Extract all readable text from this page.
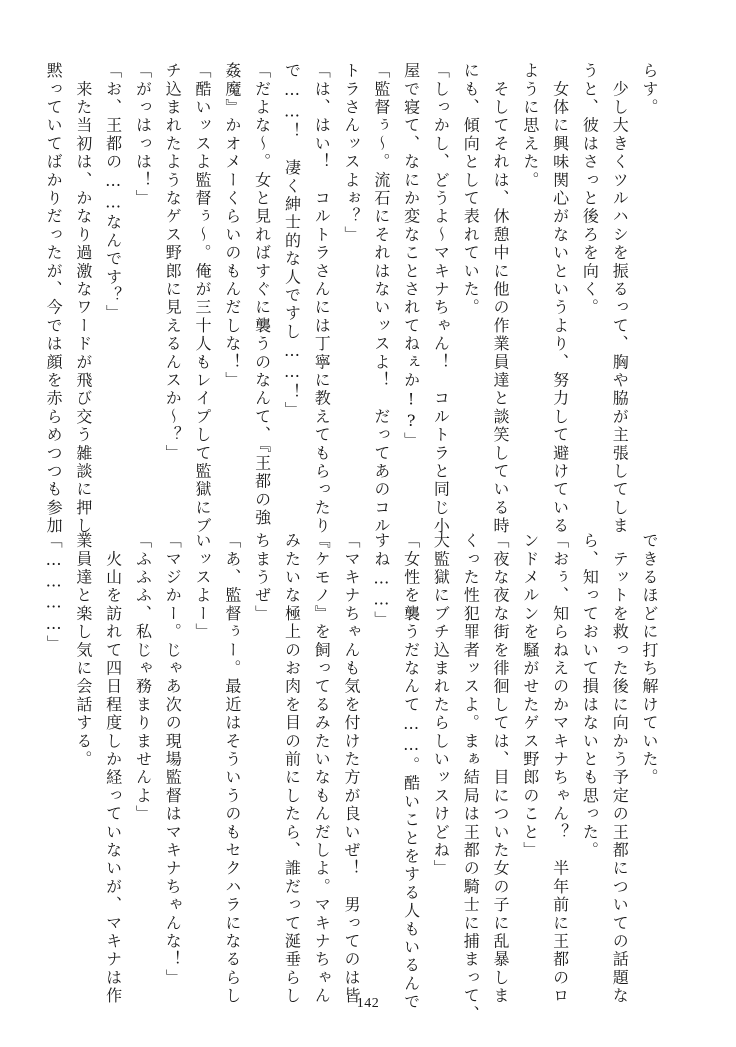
らす。
　少し大きくツルハシを振るって、胸や脇が主張してしま
うと、彼はさっと後ろを向く。
　女体に興味関心がないというより、努力して避けている
ように思えた。
　そしてそれは、休憩中に他の作業員達と談笑している時
にも、傾向として表れていた。
「しっかし、どうよ～マキナちゃん！　コルトラと同じ小
屋で寝て、なにか変なことされてねぇか!?」
「監督ぅ～。流石にそれはないッスよ！　だってあのコル
トラさんッスよぉ？」
「は、はい！　コルトラさんには丁寧に教えてもらったり
で……！　凄く紳士的な人ですし……！」
「だよな～。女と見ればすぐに襲うのなんて、『王都の強
姦魔』かオメーくらいのもんだしな！」
「酷いッスよ監督ぅ～。俺が三十人もレイプして監獄にブ
チ込まれたようなゲス野郎に見えるんスか～？」
「がっはっは！」
「お、王都の……なんです？」
　来た当初は、かなり過激なワードが飛び交う雑談に押し
黙っていてばかりだったが、今では顔を赤らめつつも参加
できるほどに打ち解けていた。
　テットを救った後に向かう予定の王都についての話題な
ら、知っておいて損はないとも思った。
「おぅ、知らねえのかマキナちゃん？　半年前に王都のロ
ンドメルンを騒がせたゲス野郎のこと」
「夜な夜な街を徘徊しては、目についた女の子に乱暴しま
くった性犯罪者ッスよ。まぁ結局は王都の騎士に捕まって、
大監獄にブチ込まれたらしいッスけどね」
「女性を襲うだなんて……。酷いことをする人もいるんで
すね……」
「マキナちゃんも気を付けた方が良いぜ！　男ってのは皆
『ケモノ』を飼ってるみたいなもんだしよ。マキナちゃん
みたいな極上のお肉を目の前にしたら、誰だって涎垂らし
ちまうぜ」
「あ、監督ぅー。最近はそういうのもセクハラになるらし
いッスよー」
「マジかー。じゃあ次の現場監督はマキナちゃんな！」
「ふふふ、私じゃ務まりませんよ」
　火山を訪れて四日程度しか経っていないが、マキナは作
業員達と楽し気に会話する。
「…………」
142
